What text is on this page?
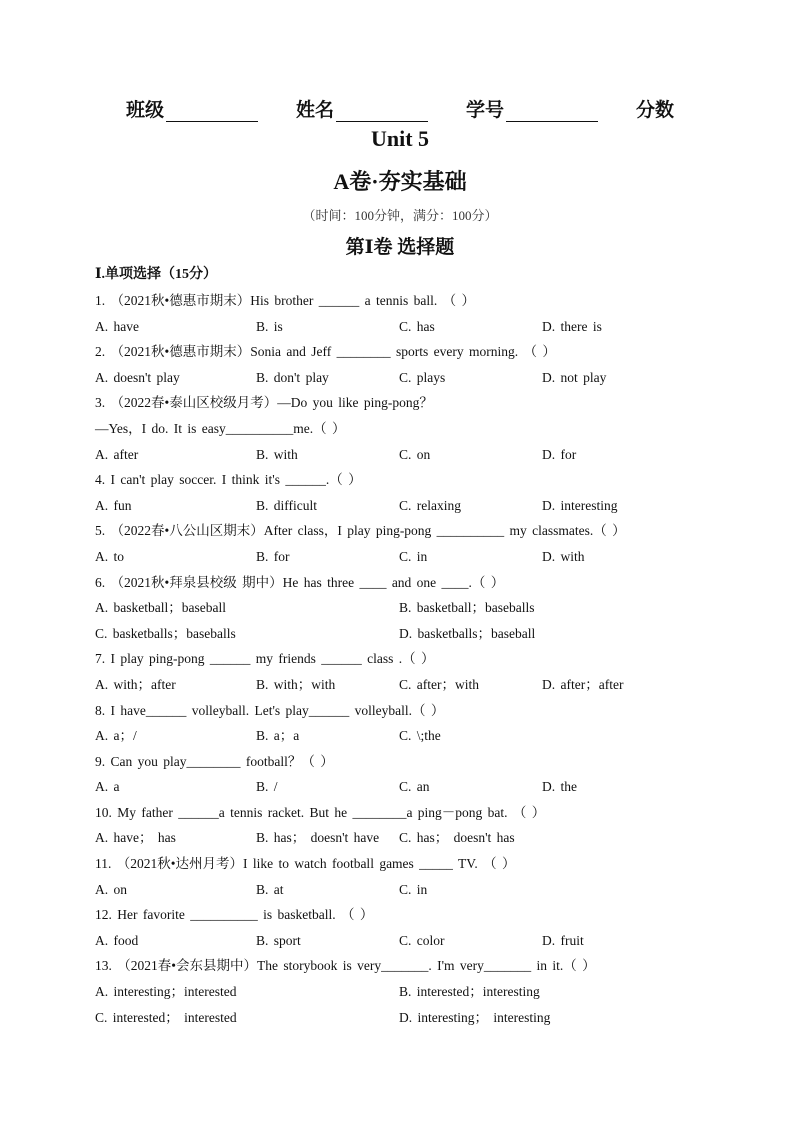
班级	姓名	学号	分数
Unit 5
A卷·夯实基础
（时间：100分钟，满分：100分）
第Ⅰ卷 选择题
Ⅰ.单项选择（15分）
1. （2021秋•德惠市期末）His brother ______ a tennis ball. （ ）
A. have	B. is	C. has	D. there is
2. （2021秋•德惠市期末）Sonia and Jeff ________ sports every morning. （ ）
A. doesn't play	B. don't play	C. plays	D. not play
3. （2022春•泰山区校级月考）—Do you like ping-pong？
—Yes，I do. It is easy__________me.（ ）
A. after	B. with	C. on	D. for
4. I can't play soccer. I think it's ______.（ ）
A. fun	B. difficult	C. relaxing	D. interesting
5. （2022春•八公山区期末）After class，I play ping-pong __________ my classmates.（ ）
A. to	B. for	C. in	D. with
6. （2021秋•拜泉县校级 期中）He has three ____ and one ____.（ ）
A. basketball；baseball	B. basketball；baseballs
C. basketballs；baseballs	D. basketballs；baseball
7. I play ping-pong ______ my friends ______ class .（ ）
A. with；after	B. with；with	C. after；with	D. after；after
8. I have______ volleyball. Let's play______ volleyball.（ ）
A. a；/	B. a；a	C. \;the
9. Can you play________ football？（ ）
A. a	B. /	C. an	D. the
10. My father ______a tennis racket. But he ________a ping－pong bat. （ ）
A. have； has	B. has； doesn't have	C. has； doesn't has
11. （2021秋•达州月考）I like to watch football games _____ TV. （ ）
A. on	B. at	C. in
12. Her favorite __________ is basketball. （ ）
A. food	B. sport	C. color	D. fruit
13. （2021春•会东县期中）The storybook is very_______. I'm very_______ in it.（ ）
A. interesting；interested	B. interested；interesting
C. interested； interested	D. interesting； interesting
